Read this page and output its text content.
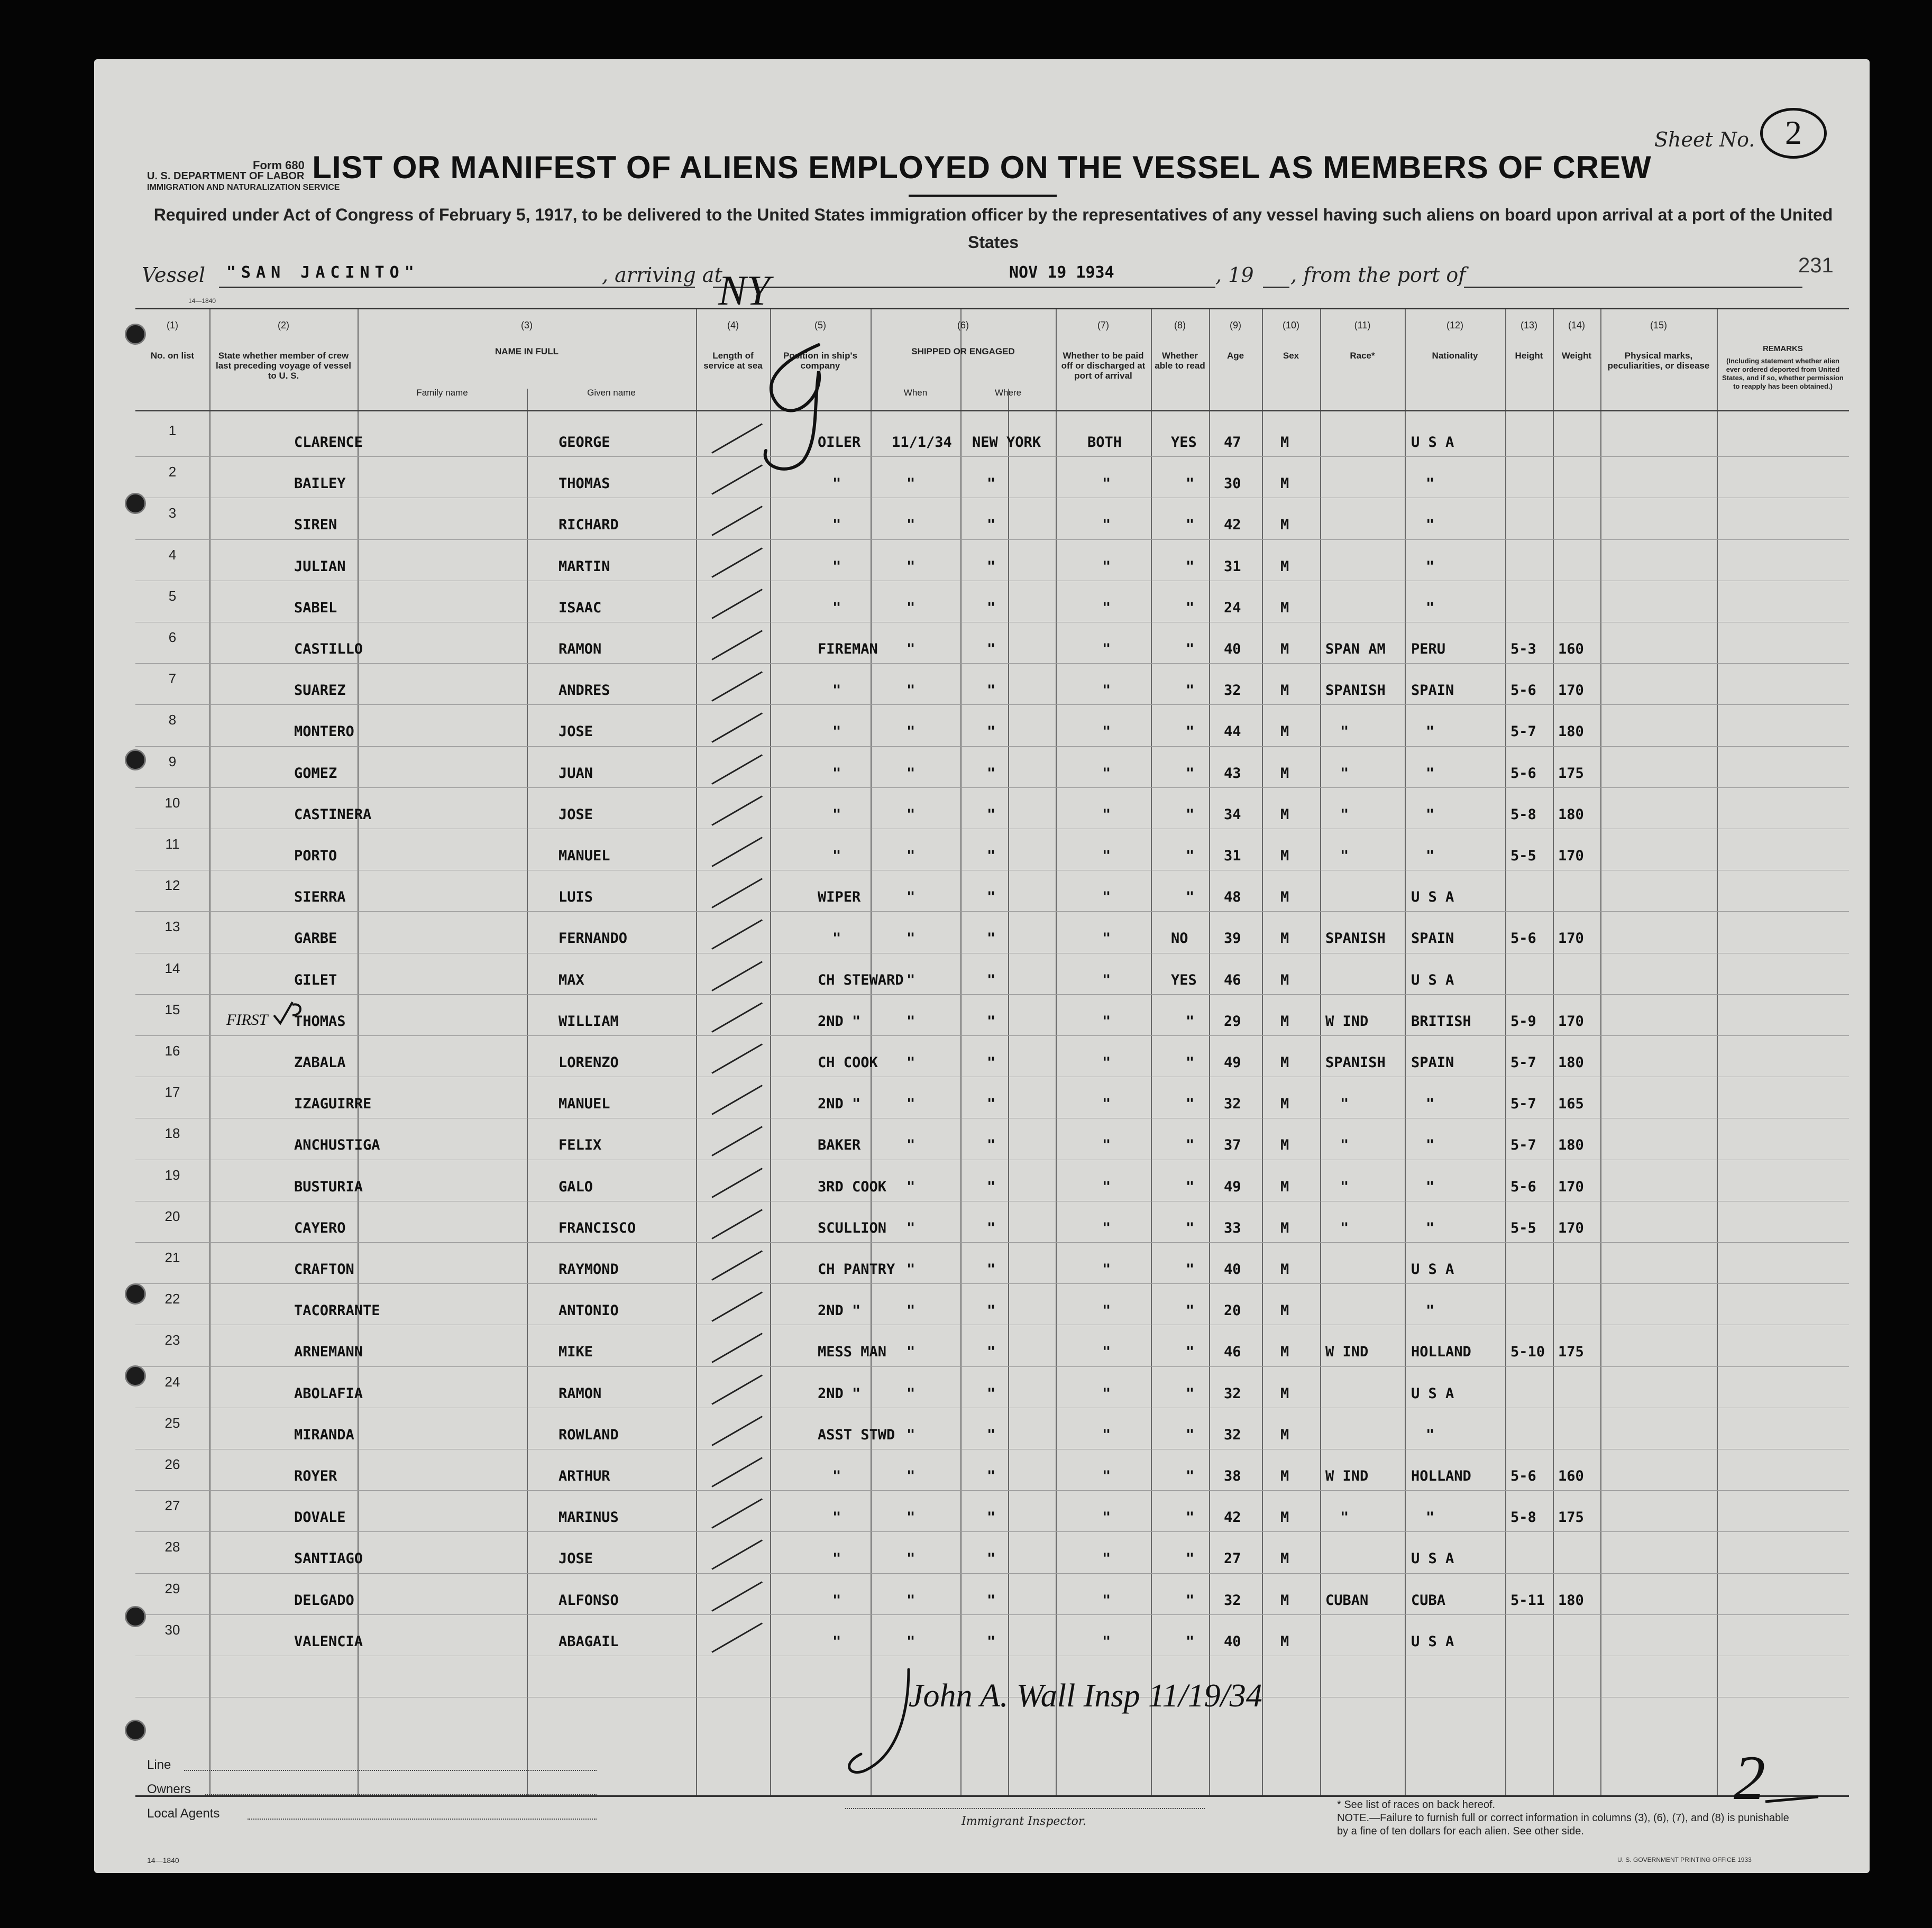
Form 680
U. S. DEPARTMENT OF LABOR
IMMIGRATION AND NATURALIZATION SERVICE
Sheet No. 2
LIST OR MANIFEST OF ALIENS EMPLOYED ON THE VESSEL AS MEMBERS OF CREW
Required under Act of Congress of February 5, 1917, to be delivered to the United States immigration officer by the representatives of any vessel having such aliens on board upon arrival at a port of the United States
Vessel	"SAN JACINTO"	, arriving at
NY	NOV 19 1934	, 19 , from the port of	231
14—1840
(1)
No. on list
(2)
State whether member of crew last preceding voyage of vessel to U. S.
(3)
NAME IN FULL
Family name	Given name
(4)
Length of service at sea
(5)
Position in ship's company
(6)
SHIPPED OR ENGAGED
When	Where
(7)
Whether to be paid off or discharged at port of arrival
(8)
Whether able to read
(9)
Age
(10)
Sex
(11)
Race*
(12)
Nationality
(13)
Height
(14)
Weight
(15)
Physical marks, peculiarities, or disease
REMARKS
(Including statement whether alien ever ordered deported from United States, and if so, whether permission to reapply has been obtained.)
1
CLARENCE	GEORGE	OILER 11/1/34 NEW YORK	BOTH	YES 47	M	U S A
2
BAILEY	THOMAS	"	"	"	"	" 30	M	"
3
SIREN	RICHARD	"	"	"	"	" 42	M	"
4
JULIAN	MARTIN	"	"	"	"	" 31	M	"
5
SABEL	ISAAC	"	"	"	"	" 24	M	"
6
CASTILLO	RAMON	FIREMAN "	"	"	" 40	M	SPAN AM PERU	5-3 160
7
SUAREZ	ANDRES	"	"	"	"	" 32	M	SPANISH SPAIN	5-6 170
8
MONTERO	JOSE	"	"	"	"	" 44	M	"	"	5-7 180
9
GOMEZ	JUAN	"	"	"	"	" 43	M	"	"	5-6 175
10
CASTINERA	JOSE	"	"	"	"	" 34	M	"	"	5-8 180
11
PORTO	MANUEL	"	"	"	"	" 31	M	"	"	5-5 170
12
SIERRA	LUIS	WIPER	"	"	"	" 48	M	U S A
13
GARBE	FERNANDO	"	"	"	"	NO 39	M	SPANISH SPAIN	5-6 170
14
GILET	MAX	CH STEWARD "	"	"	YES 46	M	U S A
15
THOMAS	WILLIAM	2ND "	"	"	"	" 29	M	W IND	BRITISH	5-9 170
16
ZABALA	LORENZO	CH COOK "	"	"	" 49	M	SPANISH SPAIN	5-7 180
17
IZAGUIRRE	MANUEL	2ND "	"	"	"	" 32	M	"	"	5-7 165
18
ANCHUSTIGA	FELIX	BAKER	"	"	"	" 37	M	"	"	5-7 180
19
BUSTURIA	GALO	3RD COOK "	"	"	" 49	M	"	"	5-6 170
20
CAYERO	FRANCISCO	SCULLION "	"	"	" 33	M	"	"	5-5 170
21
CRAFTON	RAYMOND	CH PANTRY "	"	"	" 40	M	U S A
22
TACORRANTE	ANTONIO	2ND "	"	"	"	" 20	M	"
23
ARNEMANN	MIKE	MESS MAN "	"	"	" 46	M	W IND	HOLLAND	5-10 175
24
ABOLAFIA	RAMON	2ND "	"	"	"	" 32	M	U S A
25
MIRANDA	ROWLAND	ASST STWD "	"	"	" 32	M	"
26
ROYER	ARTHUR	"	"	"	"	" 38	M	W IND	HOLLAND	5-6 160
27
DOVALE	MARINUS	"	"	"	"	" 42	M	"	"	5-8 175
28
SANTIAGO	JOSE	"	"	"	"	" 27	M	U S A
29
DELGADO	ALFONSO	"	"	"	"	" 32	M	CUBAN	CUBA	5-11 180
30
VALENCIA	ABAGAIL	"	"	"	"	" 40	M	U S A
FIRST
John A. Wall Insp 11/19/34
2
Line
Owners
Local Agents
14—1840
Immigrant Inspector.
* See list of races on back hereof.
NOTE.—Failure to furnish full or correct information in columns (3), (6), (7), and (8) is punishable by a fine of ten dollars for each alien. See other side.
U. S. GOVERNMENT PRINTING OFFICE 1933
